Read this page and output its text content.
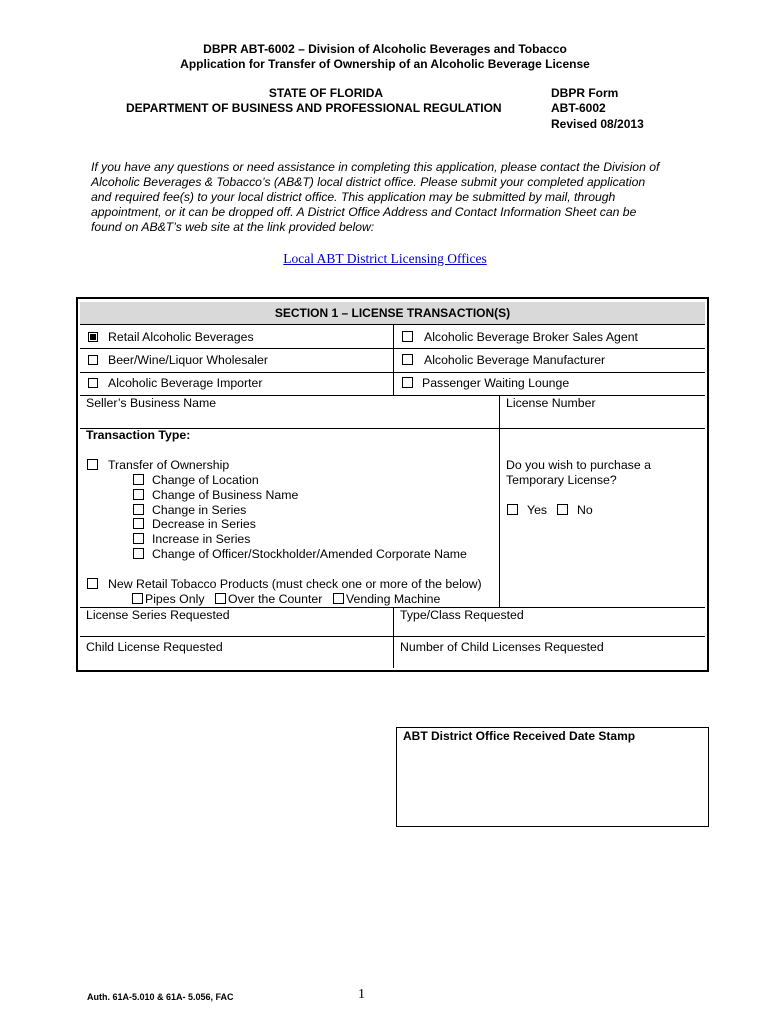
DBPR ABT-6002 – Division of Alcoholic Beverages and Tobacco
Application for Transfer of Ownership of an Alcoholic Beverage License
STATE OF FLORIDA
DEPARTMENT OF BUSINESS AND PROFESSIONAL REGULATION
DBPR Form
ABT-6002
Revised 08/2013
If you have any questions or need assistance in completing this application, please contact the Division of
Alcoholic Beverages & Tobacco’s (AB&T) local district office. Please submit your completed application
and required fee(s) to your local district office. This application may be submitted by mail, through
appointment, or it can be dropped off. A District Office Address and Contact Information Sheet can be
found on AB&T’s web site at the link provided below:
Local ABT District Licensing Offices
SECTION 1 – LICENSE TRANSACTION(S)
Retail Alcoholic Beverages	Alcoholic Beverage Broker Sales Agent
Beer/Wine/Liquor Wholesaler	Alcoholic Beverage Manufacturer
Alcoholic Beverage Importer	Passenger Waiting Lounge
Seller’s Business Name	License Number
Transaction Type:
Transfer of Ownership
Change of Location
Change of Business Name
Change in Series
Decrease in Series
Increase in Series
Change of Officer/Stockholder/Amended Corporate Name
Do you wish to purchase a
Temporary License?
Yes No
New Retail Tobacco Products (must check one or more of the below)
Pipes Only Over the Counter Vending Machine
License Series Requested	Type/Class Requested
Child License Requested	Number of Child Licenses Requested
ABT District Office Received Date Stamp
Auth. 61A-5.010 & 61A- 5.056, FAC	1
